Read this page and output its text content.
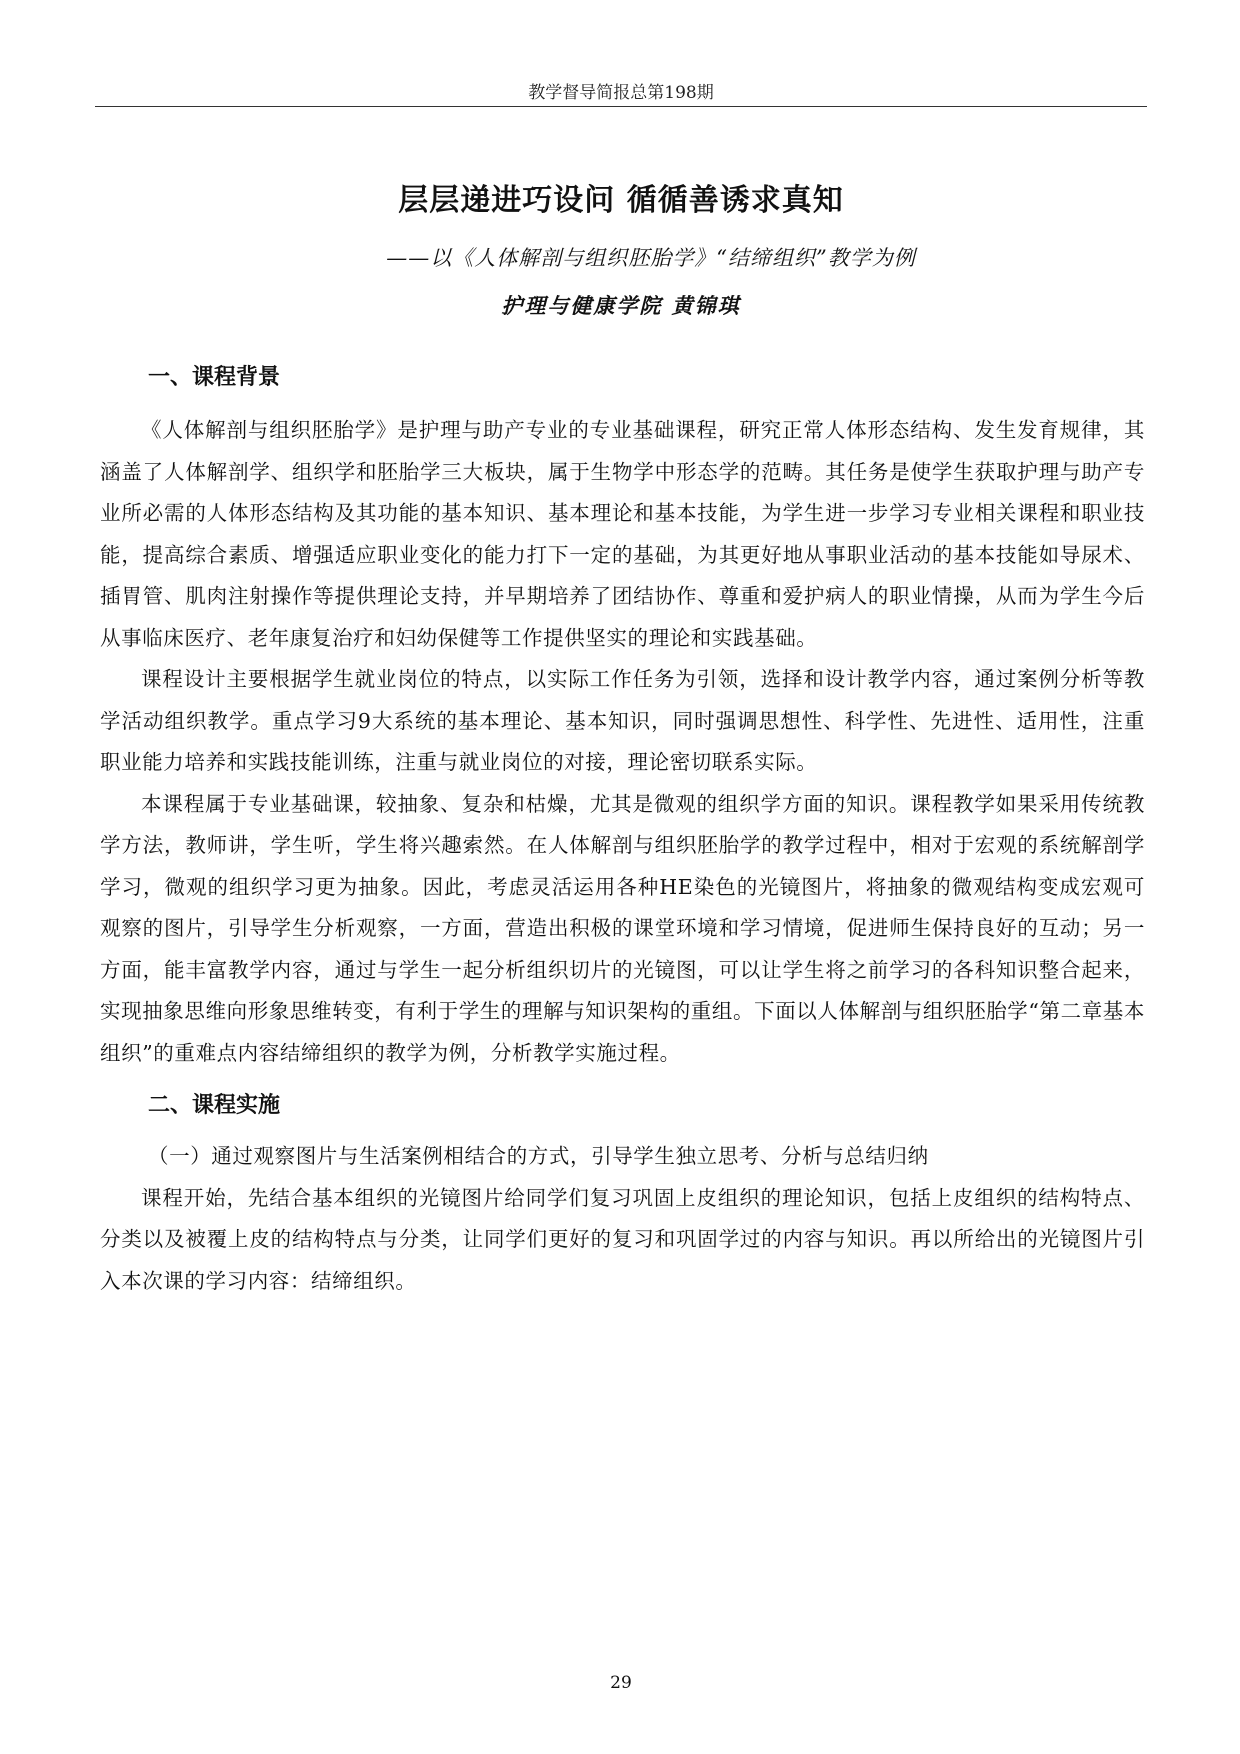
教学督导简报总第198期
层层递进巧设问 循循善诱求真知
——以《人体解剖与组织胚胎学》“结缔组织”教学为例
护理与健康学院 黄锦琪
一、课程背景

《人体解剖与组织胚胎学》是护理与助产专业的专业基础课程，研究正常人体形态结构、发生发育规律，其涵盖了人体解剖学、组织学和胚胎学三大板块，属于生物学中形态学的范畴。其任务是使学生获取护理与助产专业所必需的人体形态结构及其功能的基本知识、基本理论和基本技能，为学生进一步学习专业相关课程和职业技能，提高综合素质、增强适应职业变化的能力打下一定的基础，为其更好地从事职业活动的基本技能如导尿术、插胃管、肌肉注射操作等提供理论支持，并早期培养了团结协作、尊重和爱护病人的职业情操，从而为学生今后从事临床医疗、老年康复治疗和妇幼保健等工作提供坚实的理论和实践基础。

课程设计主要根据学生就业岗位的特点，以实际工作任务为引领，选择和设计教学内容，通过案例分析等教学活动组织教学。重点学习9大系统的基本理论、基本知识，同时强调思想性、科学性、先进性、适用性，注重职业能力培养和实践技能训练，注重与就业岗位的对接，理论密切联系实际。

本课程属于专业基础课，较抽象、复杂和枯燥，尤其是微观的组织学方面的知识。课程教学如果采用传统教学方法，教师讲，学生听，学生将兴趣索然。在人体解剖与组织胚胎学的教学过程中，相对于宏观的系统解剖学学习，微观的组织学习更为抽象。因此，考虑灵活运用各种HE染色的光镜图片，将抽象的微观结构变成宏观可观察的图片，引导学生分析观察，一方面，营造出积极的课堂环境和学习情境，促进师生保持良好的互动；另一方面，能丰富教学内容，通过与学生一起分析组织切片的光镜图，可以让学生将之前学习的各科知识整合起来，实现抽象思维向形象思维转变，有利于学生的理解与知识架构的重组。下面以人体解剖与组织胚胎学“第二章基本组织”的重难点内容结缔组织的教学为例，分析教学实施过程。

二、课程实施

（一）通过观察图片与生活案例相结合的方式，引导学生独立思考、分析与总结归纳

课程开始，先结合基本组织的光镜图片给同学们复习巩固上皮组织的理论知识，包括上皮组织的结构特点、分类以及被覆上皮的结构特点与分类，让同学们更好的复习和巩固学过的内容与知识。再以所给出的光镜图片引入本次课的学习内容：结缔组织。

29
